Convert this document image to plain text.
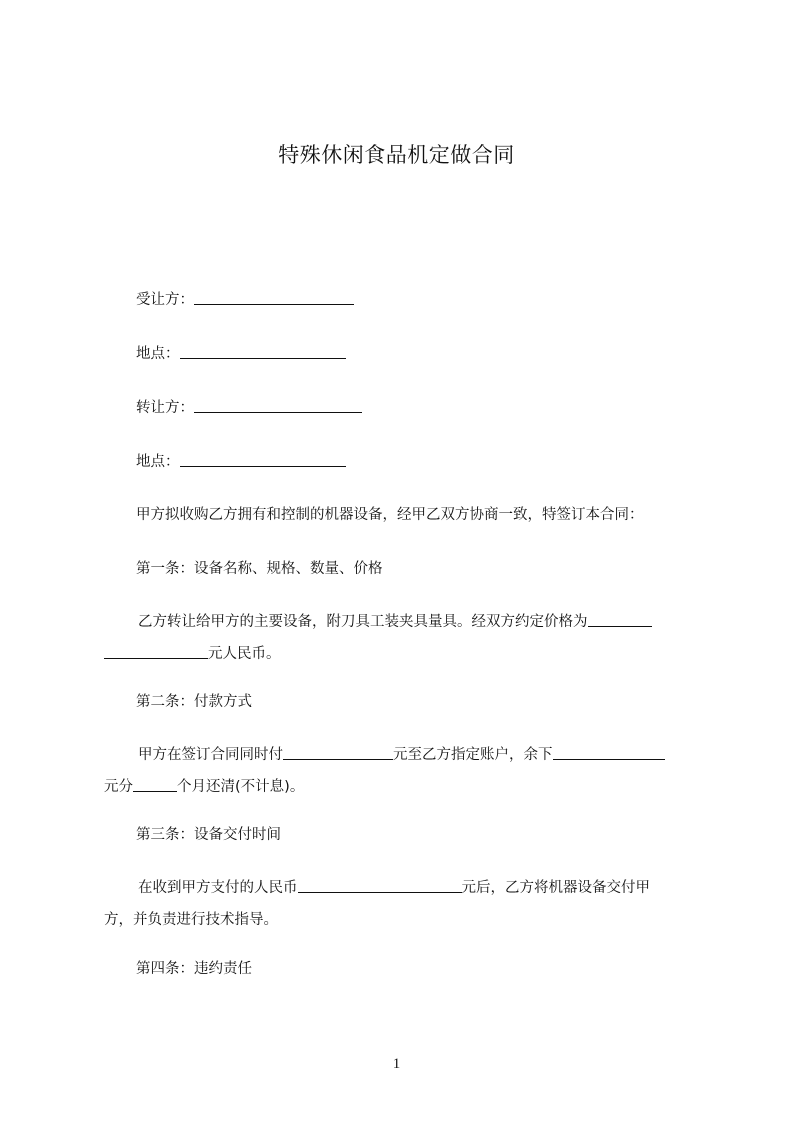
特殊休闲食品机定做合同
受让方：
地点：
转让方：
地点：
甲方拟收购乙方拥有和控制的机器设备，经甲乙双方协商一致，特签订本合同：
第一条：设备名称、规格、数量、价格
乙方转让给甲方的主要设备，附刀具工装夹具量具。经双方约定价格为
元人民币。
第二条：付款方式
甲方在签订合同同时付	元至乙方指定账户，余下
元分	个月还清(不计息)。
第三条：设备交付时间
在收到甲方支付的人民币	元后，乙方将机器设备交付甲
方，并负责进行技术指导。
第四条：违约责任
1
